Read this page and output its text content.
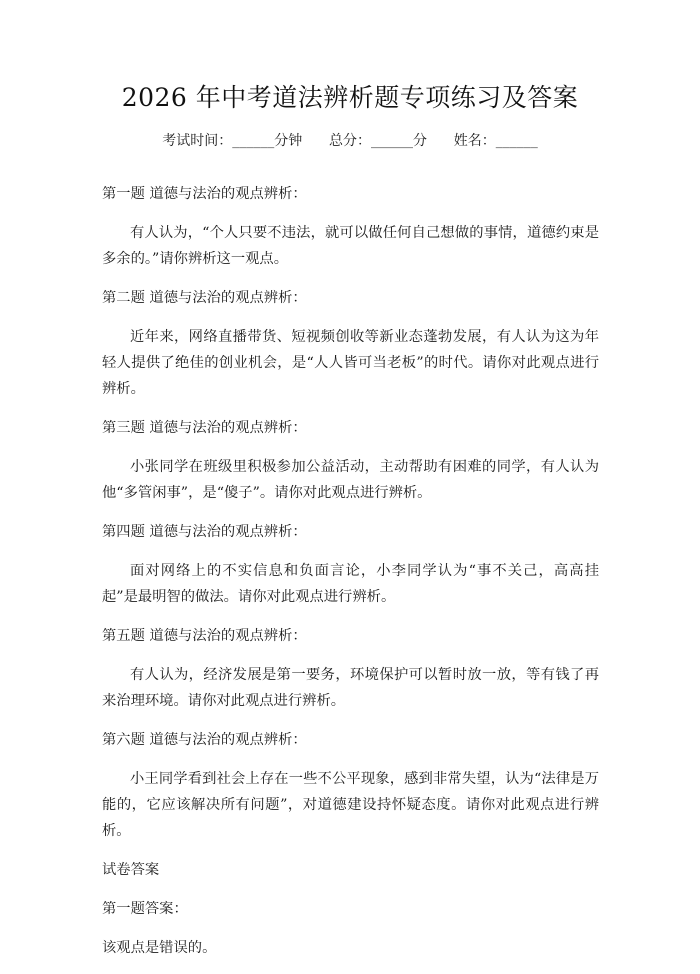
2026 年中考道法辨析题专项练习及答案
考试时间：______分钟      总分：______分      姓名：______

第一题 道德与法治的观点辨析：

有人认为，“个人只要不违法，就可以做任何自己想做的事情，道德约束是多余的。”请你辨析这一观点。

第二题 道德与法治的观点辨析：

近年来，网络直播带货、短视频创收等新业态蓬勃发展，有人认为这为年轻人提供了绝佳的创业机会，是“人人皆可当老板”的时代。请你对此观点进行辨析。

第三题 道德与法治的观点辨析：

小张同学在班级里积极参加公益活动，主动帮助有困难的同学，有人认为他“多管闲事”，是“傻子”。请你对此观点进行辨析。

第四题 道德与法治的观点辨析：

面对网络上的不实信息和负面言论，小李同学认为“事不关己，高高挂起”是最明智的做法。请你对此观点进行辨析。

第五题 道德与法治的观点辨析：

有人认为，经济发展是第一要务，环境保护可以暂时放一放，等有钱了再来治理环境。请你对此观点进行辨析。

第六题 道德与法治的观点辨析：

小王同学看到社会上存在一些不公平现象，感到非常失望，认为“法律是万能的，它应该解决所有问题”，对道德建设持怀疑态度。请你对此观点进行辨析。

试卷答案

第一题答案：

该观点是错误的。
